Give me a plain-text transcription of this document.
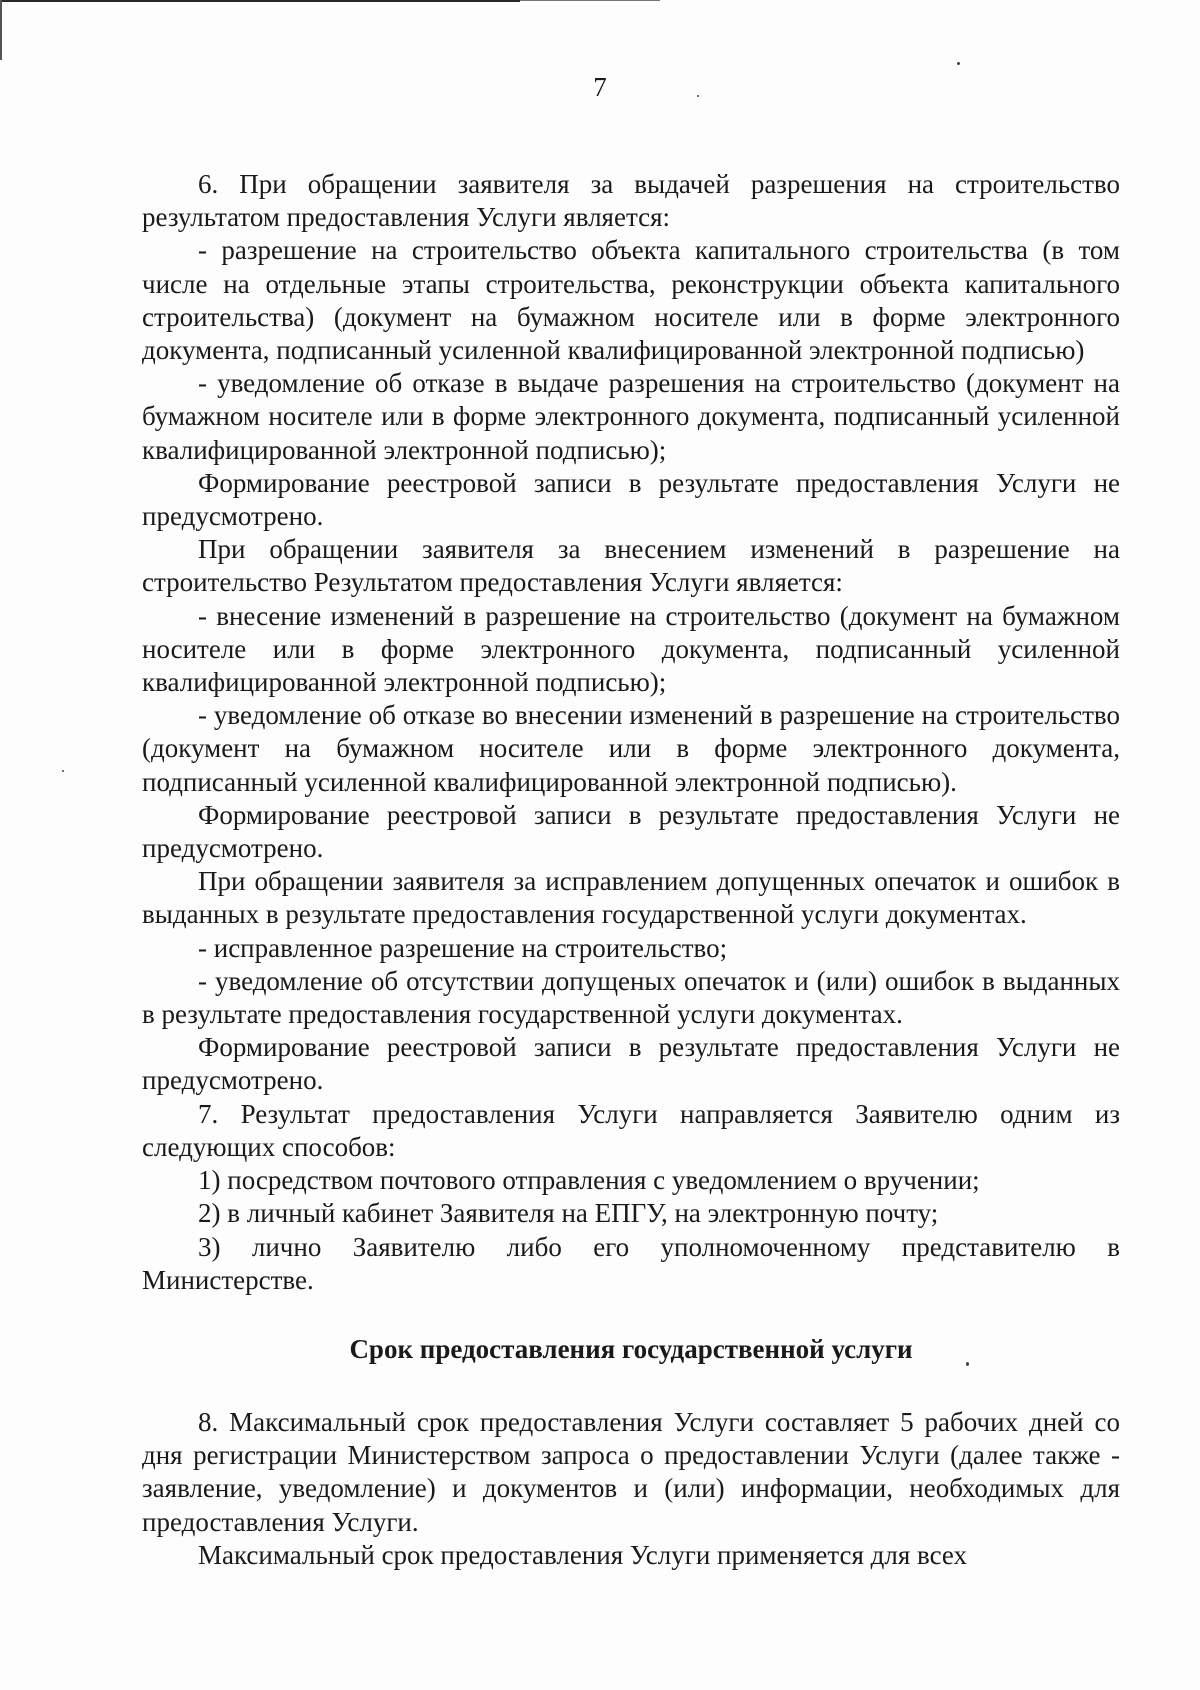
7

6. При обращении заявителя за выдачей разрешения на строительство результатом предоставления Услуги является:

- разрешение на строительство объекта капитального строительства (в том числе на отдельные этапы строительства, реконструкции объекта капитального строительства) (документ на бумажном носителе или в форме электронного документа, подписанный усиленной квалифицированной электронной подписью)

- уведомление об отказе в выдаче разрешения на строительство (документ на бумажном носителе или в форме электронного документа, подписанный усиленной квалифицированной электронной подписью);

Формирование реестровой записи в результате предоставления Услуги не предусмотрено.

При обращении заявителя за внесением изменений в разрешение на строительство Результатом предоставления Услуги является:

- внесение изменений в разрешение на строительство (документ на бумажном носителе или в форме электронного документа, подписанный усиленной квалифицированной электронной подписью);

- уведомление об отказе во внесении изменений в разрешение на строительство (документ на бумажном носителе или в форме электронного документа, подписанный усиленной квалифицированной электронной подписью).

Формирование реестровой записи в результате предоставления Услуги не предусмотрено.

При обращении заявителя за исправлением допущенных опечаток и ошибок в выданных в результате предоставления государственной услуги документах.

- исправленное разрешение на строительство;

- уведомление об отсутствии допущеных опечаток и (или) ошибок в выданных в результате предоставления государственной услуги документах.

Формирование реестровой записи в результате предоставления Услуги не предусмотрено.

7. Результат предоставления Услуги направляется Заявителю одним из следующих способов:

1) посредством почтового отправления с уведомлением о вручении;

2) в личный кабинет Заявителя на ЕПГУ, на электронную почту;

3) лично Заявителю либо его уполномоченному представителю в Министерстве.

Срок предоставления государственной услуги

8. Максимальный срок предоставления Услуги составляет 5 рабочих дней со дня регистрации Министерством запроса о предоставлении Услуги (далее также - заявление, уведомление) и документов и (или) информации, необходимых для предоставления Услуги.

Максимальный срок предоставления Услуги применяется для всех
